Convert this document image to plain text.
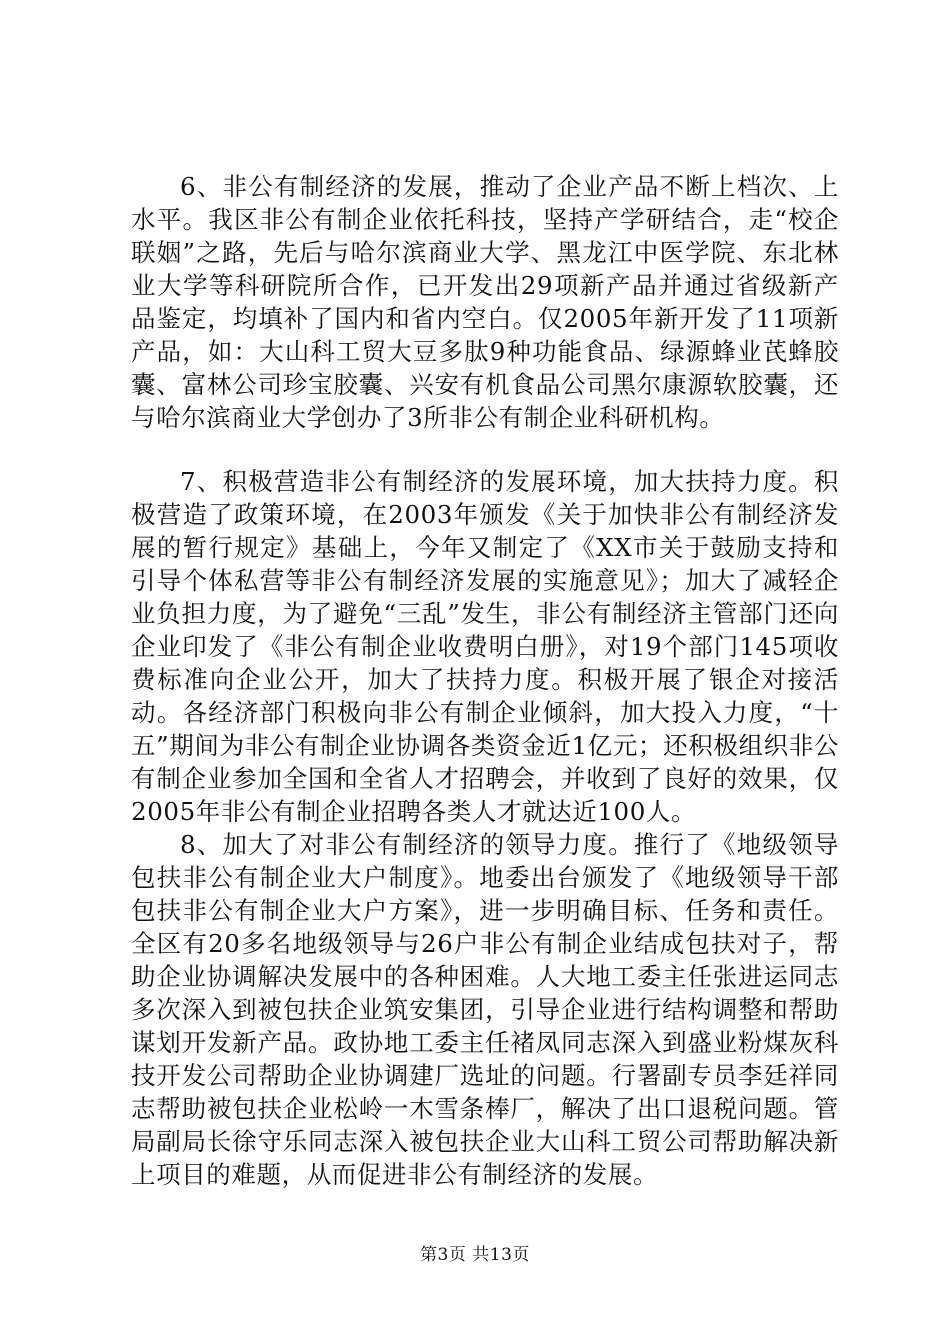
6、非公有制经济的发展，推动了企业产品不断上档次、上水平。我区非公有制企业依托科技，坚持产学研结合，走“校企联姻”之路，先后与哈尔滨商业大学、黑龙江中医学院、东北林业大学等科研院所合作，已开发出29项新产品并通过省级新产品鉴定，均填补了国内和省内空白。仅2005年新开发了11项新产品，如：大山科工贸大豆多肽9种功能食品、绿源蜂业芪蜂胶囊、富林公司珍宝胶囊、兴安有机食品公司黑尔康源软胶囊，还与哈尔滨商业大学创办了3所非公有制企业科研机构。

7、积极营造非公有制经济的发展环境，加大扶持力度。积极营造了政策环境，在2003年颁发《关于加快非公有制经济发展的暂行规定》基础上，今年又制定了《XX市关于鼓励支持和引导个体私营等非公有制经济发展的实施意见》；加大了减轻企业负担力度，为了避免“三乱”发生，非公有制经济主管部门还向企业印发了《非公有制企业收费明白册》，对19个部门145项收费标准向企业公开，加大了扶持力度。积极开展了银企对接活动。各经济部门积极向非公有制企业倾斜，加大投入力度，“十五”期间为非公有制企业协调各类资金近1亿元；还积极组织非公有制企业参加全国和全省人才招聘会，并收到了良好的效果，仅2005年非公有制企业招聘各类人才就达近100人。

8、加大了对非公有制经济的领导力度。推行了《地级领导包扶非公有制企业大户制度》。地委出台颁发了《地级领导干部包扶非公有制企业大户方案》，进一步明确目标、任务和责任。全区有20多名地级领导与26户非公有制企业结成包扶对子，帮助企业协调解决发展中的各种困难。人大地工委主任张进运同志多次深入到被包扶企业筑安集团，引导企业进行结构调整和帮助谋划开发新产品。政协地工委主任褚凤同志深入到盛业粉煤灰科技开发公司帮助企业协调建厂选址的问题。行署副专员李廷祥同志帮助被包扶企业松岭一木雪条棒厂，解决了出口退税问题。管局副局长徐守乐同志深入被包扶企业大山科工贸公司帮助解决新上项目的难题，从而促进非公有制经济的发展。

第3页 共13页
